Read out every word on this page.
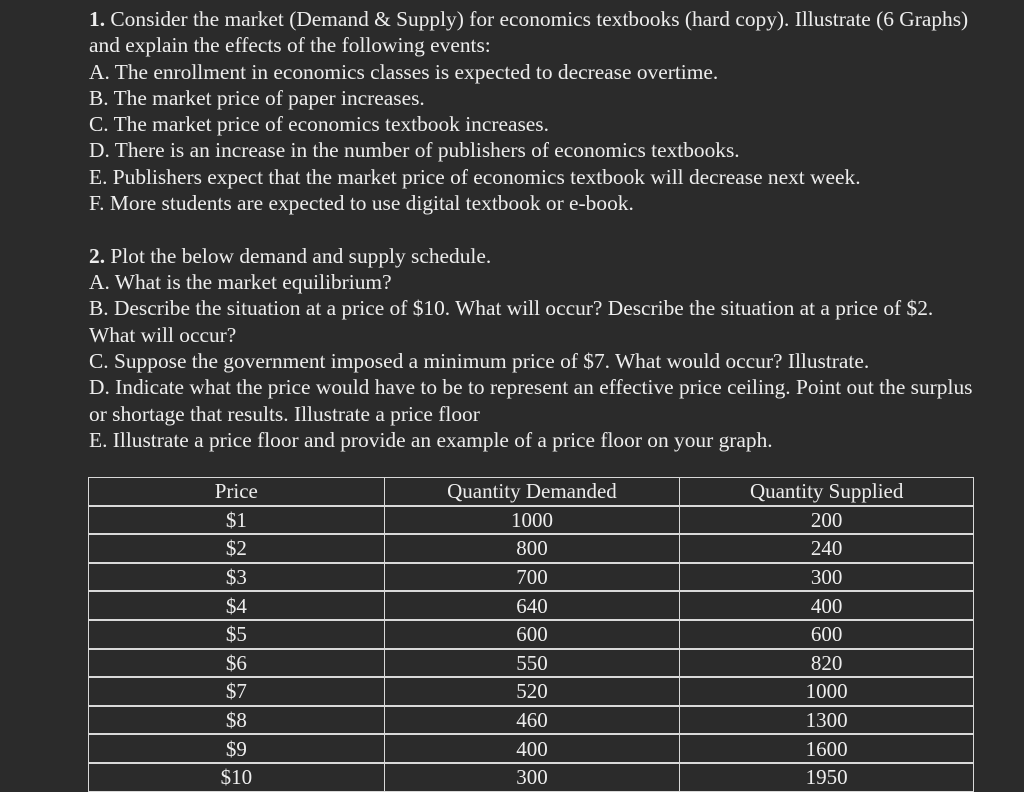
1. Consider the market (Demand & Supply) for economics textbooks (hard copy). Illustrate (6 Graphs) and explain the effects of the following events:

A. The enrollment in economics classes is expected to decrease overtime.

B. The market price of paper increases.

C. The market price of economics textbook increases.

D. There is an increase in the number of publishers of economics textbooks.

E. Publishers expect that the market price of economics textbook will decrease next week.

F. More students are expected to use digital textbook or e-book.

2. Plot the below demand and supply schedule.

A. What is the market equilibrium?

B. Describe the situation at a price of $10. What will occur? Describe the situation at a price of $2. What will occur?

C. Suppose the government imposed a minimum price of $7. What would occur? Illustrate.

D. Indicate what the price would have to be to represent an effective price ceiling. Point out the surplus or shortage that results. Illustrate a price floor

E. Illustrate a price floor and provide an example of a price floor on your graph.

Price	Quantity Demanded	Quantity Supplied
$1	1000	200
$2	800	240
$3	700	300
$4	640	400
$5	600	600
$6	550	820
$7	520	1000
$8	460	1300
$9	400	1600
$10	300	1950
